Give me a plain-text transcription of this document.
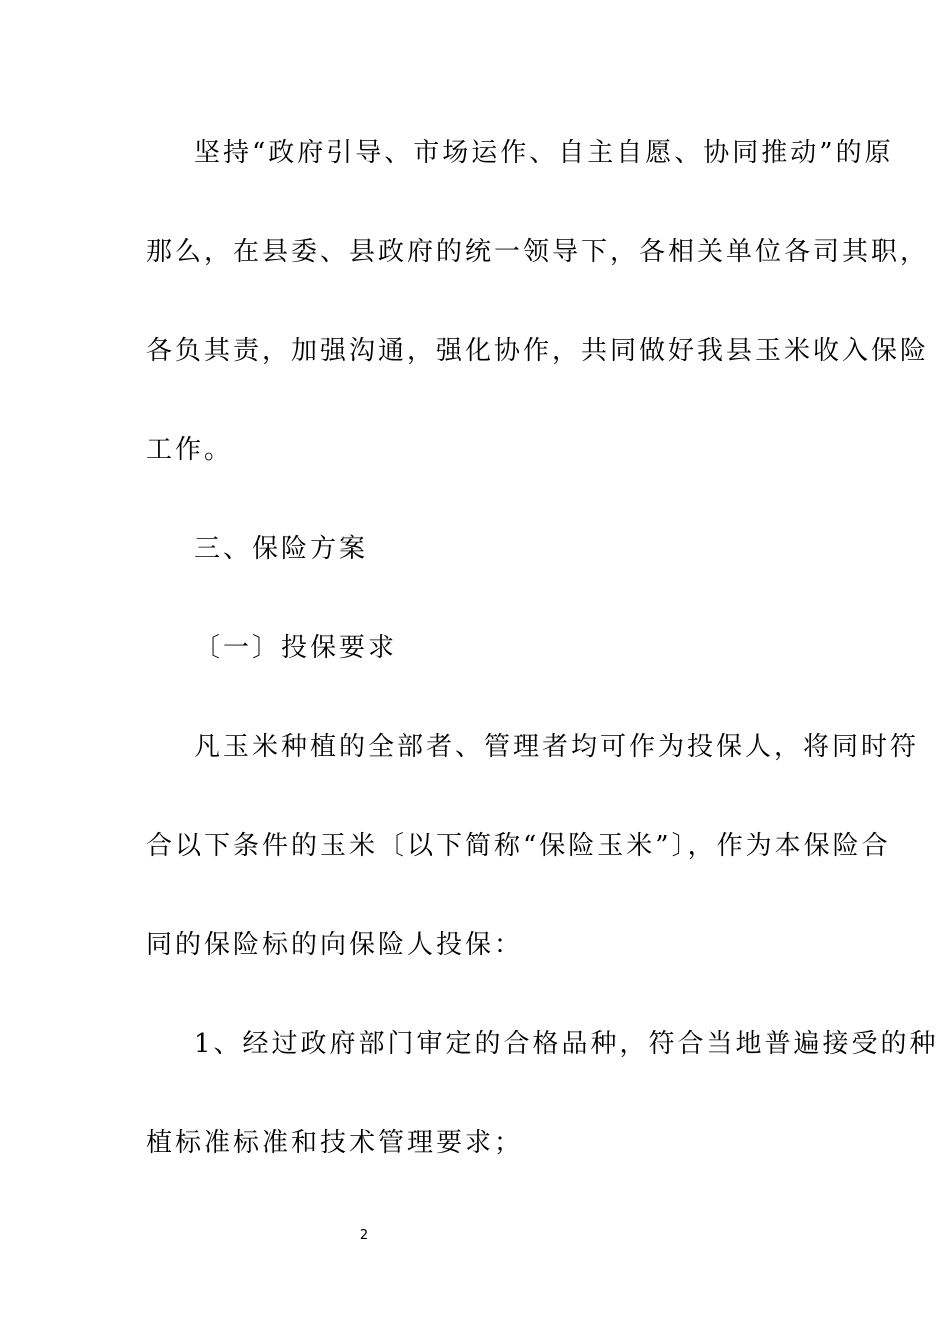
坚持“政府引导、市场运作、自主自愿、协同推动”的原
那么，在县委、县政府的统一领导下，各相关单位各司其职，
各负其责，加强沟通，强化协作，共同做好我县玉米收入保险
工作。
三、保险方案
〔一〕投保要求
凡玉米种植的全部者、管理者均可作为投保人，将同时符
合以下条件的玉米〔以下简称“保险玉米”〕，作为本保险合
同的保险标的向保险人投保：
1、经过政府部门审定的合格品种，符合当地普遍接受的种
植标准标准和技术管理要求；
2
